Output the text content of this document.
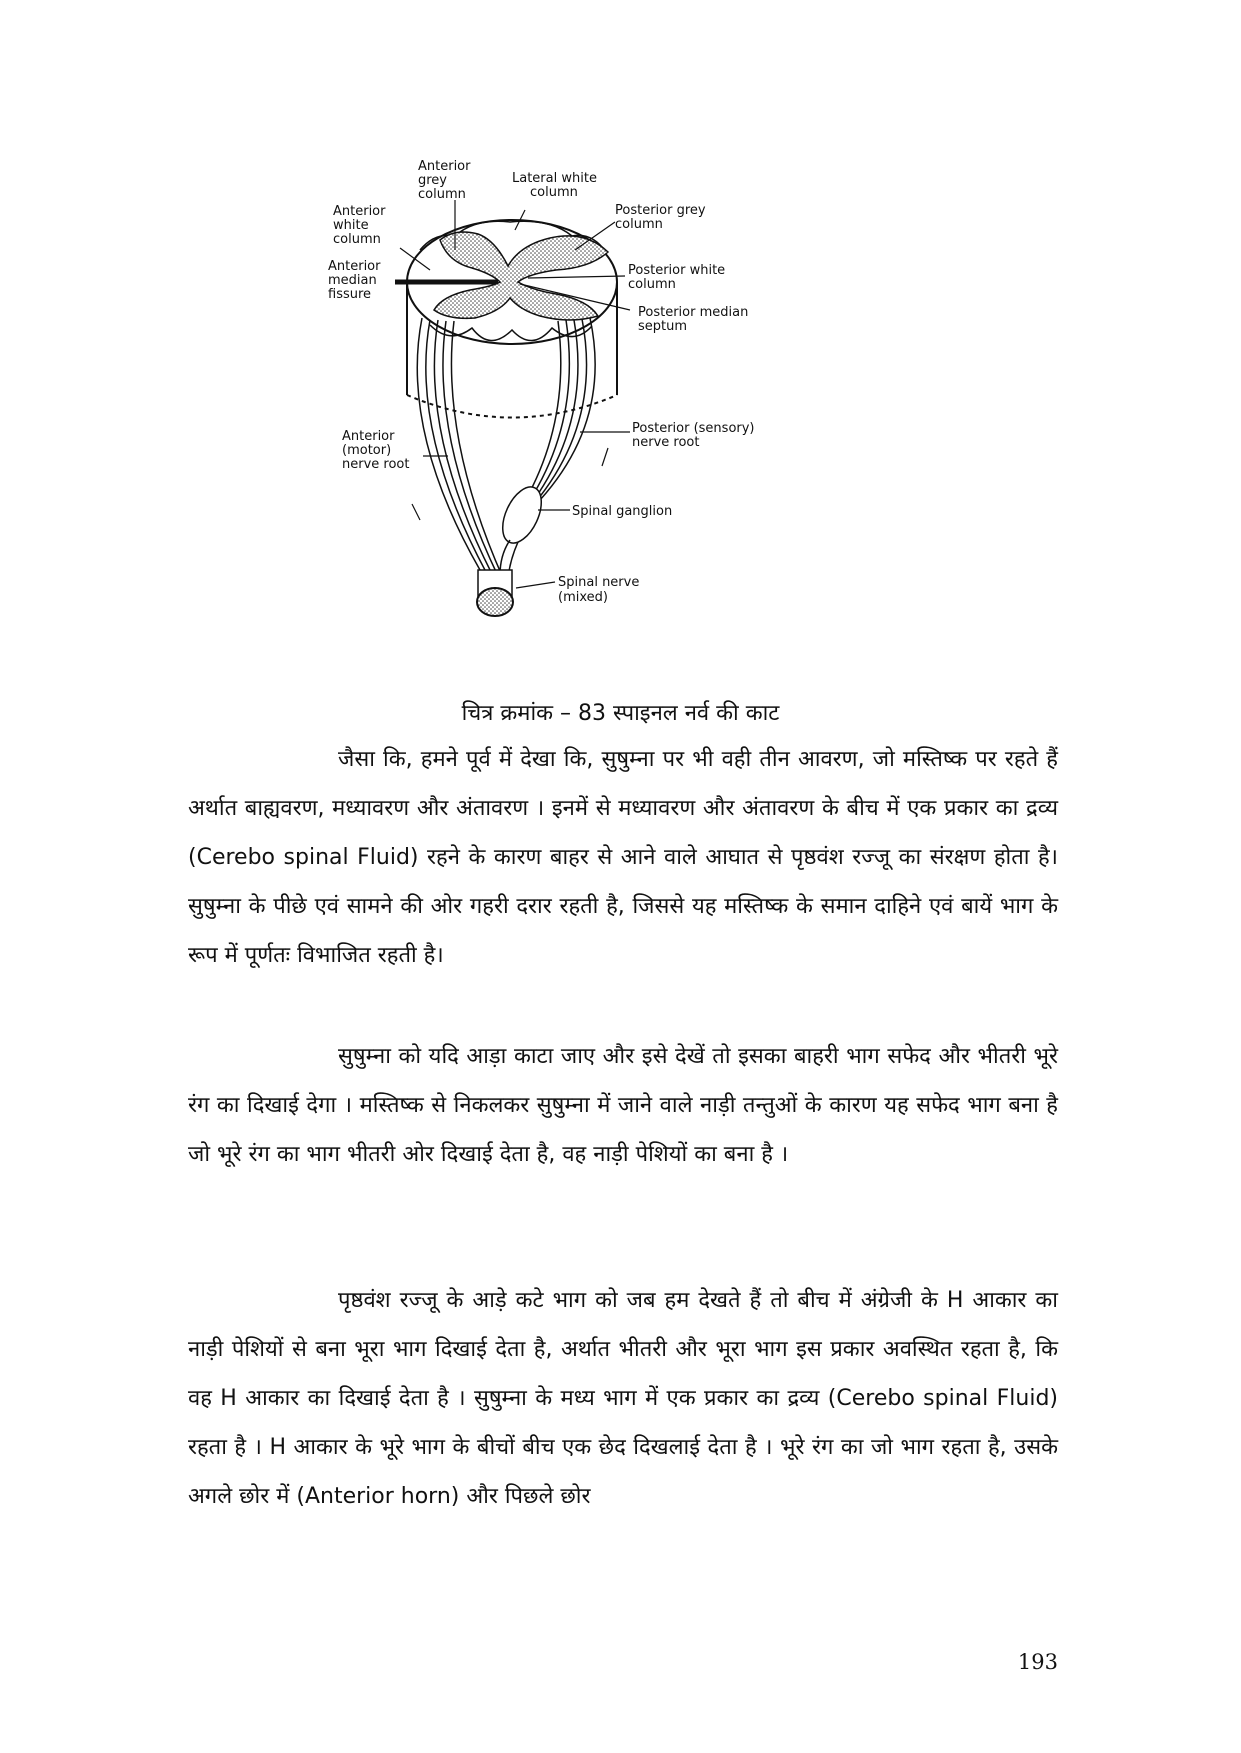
Anterior grey column
Lateral white column
Posterior grey column
Anterior white column
Anterior median fissure
Posterior white column
Posterior median septum
Anterior (motor) nerve root
Posterior (sensory) nerve root
Spinal ganglion
Spinal nerve (mixed)
चित्र क्रमांक – 83 स्पाइनल नर्व की काट

जैसा कि, हमने पूर्व में देखा कि, सुषुम्ना पर भी वही तीन आवरण, जो मस्तिष्क पर रहते हैं अर्थात बाह्यवरण, मध्यावरण और अंतावरण । इनमें से मध्यावरण और अंतावरण के बीच में एक प्रकार का द्रव्य (Cerebo spinal Fluid) रहने के कारण बाहर से आने वाले आघात से पृष्ठवंश रज्जू का संरक्षण होता है। सुषुम्ना के पीछे एवं सामने की ओर गहरी दरार रहती है, जिससे यह मस्तिष्क के समान दाहिने एवं बायें भाग के रूप में पूर्णतः विभाजित रहती है।

सुषुम्ना को यदि आड़ा काटा जाए और इसे देखें तो इसका बाहरी भाग सफेद और भीतरी भूरे रंग का दिखाई देगा । मस्तिष्क से निकलकर सुषुम्ना में जाने वाले नाड़ी तन्तुओं के कारण यह सफेद भाग बना है जो भूरे रंग का भाग भीतरी ओर दिखाई देता है, वह नाड़ी पेशियों का बना है ।

पृष्ठवंश रज्जू के आड़े कटे भाग को जब हम देखते हैं तो बीच में अंग्रेजी के H आकार का नाड़ी पेशियों से बना भूरा भाग दिखाई देता है, अर्थात भीतरी और भूरा भाग इस प्रकार अवस्थित रहता है, कि वह H आकार का दिखाई देता है । सुषुम्ना के मध्य भाग में एक प्रकार का द्रव्य (Cerebo spinal Fluid) रहता है । H आकार के भूरे भाग के बीचों बीच एक छेद दिखलाई देता है । भूरे रंग का जो भाग रहता है, उसके अगले छोर में (Anterior horn) और पिछले छोर

193
